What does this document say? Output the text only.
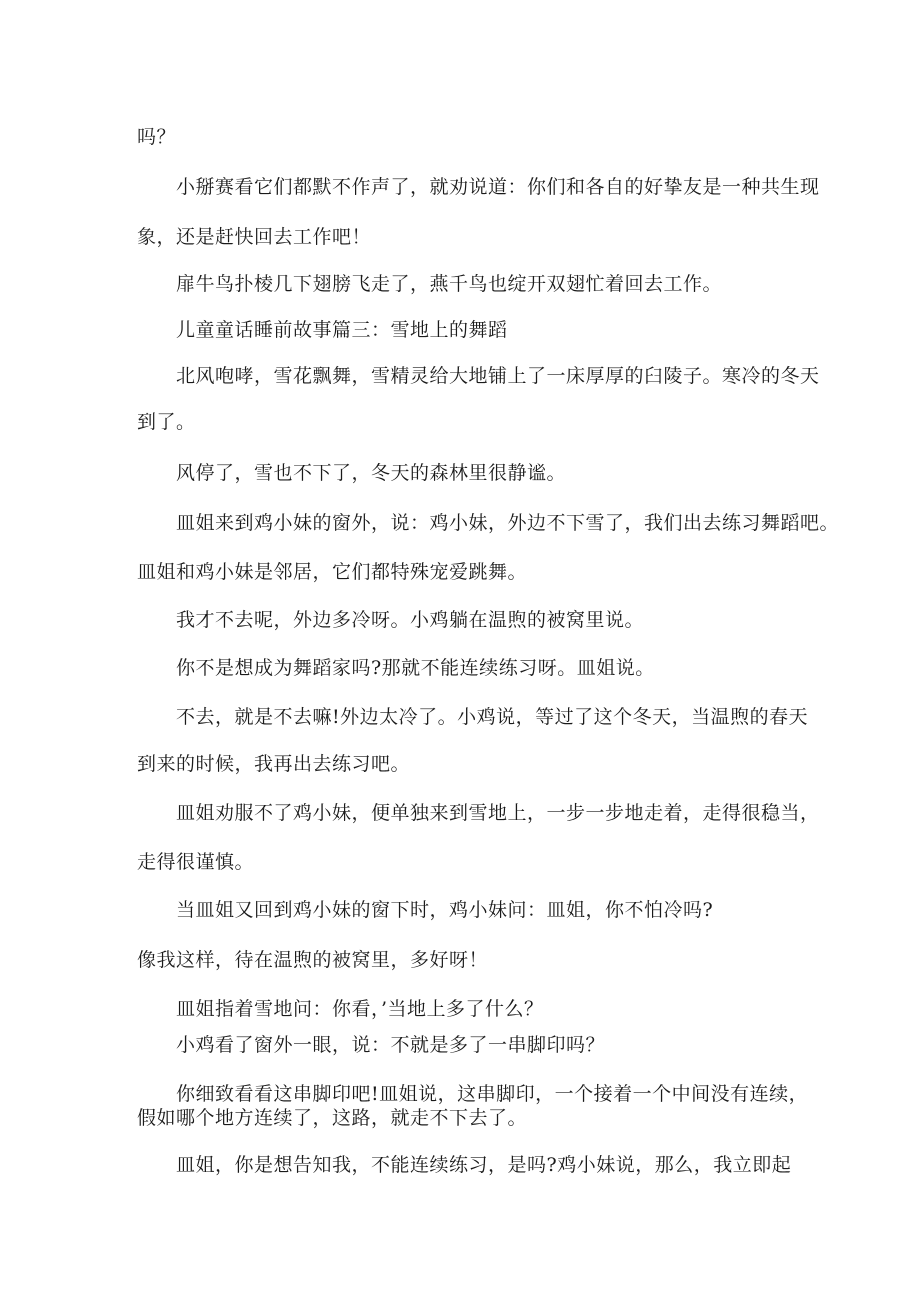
吗？
小掰赛看它们都默不作声了，就劝说道：你们和各自的好挚友是一种共生现
象，还是赶快回去工作吧！
扉牛鸟扑棱几下翅膀飞走了，燕千鸟也绽开双翅忙着回去工作。
儿童童话睡前故事篇三：雪地上的舞蹈
北风咆哮，雪花飘舞，雪精灵给大地铺上了一床厚厚的臼陵子。寒冷的冬天
到了。
风停了，雪也不下了，冬天的森林里很静谧。
皿姐来到鸡小妹的窗外，说：鸡小妹，外边不下雪了，我们出去练习舞蹈吧。
皿姐和鸡小妹是邻居，它们都特殊宠爱跳舞。
我才不去呢，外边多冷呀。小鸡躺在温煦的被窝里说。
你不是想成为舞蹈家吗?那就不能连续练习呀。皿姐说。
不去，就是不去嘛!外边太冷了。小鸡说，等过了这个冬天，当温煦的春天
到来的时候，我再出去练习吧。
皿姐劝服不了鸡小妹，便单独来到雪地上，一步一步地走着，走得很稳当，
走得很谨慎。
当皿姐又回到鸡小妹的窗下时，鸡小妹问：皿姐，你不怕冷吗?
像我这样，待在温煦的被窝里，多好呀！
皿姐指着雪地问：你看，’当地上多了什么？
小鸡看了窗外一眼，说：不就是多了一串脚印吗？
你细致看看这串脚印吧!皿姐说，这串脚印，一个接着一个中间没有连续，
假如哪个地方连续了，这路，就走不下去了。
皿姐，你是想告知我，不能连续练习，是吗?鸡小妹说，那么，我立即起
